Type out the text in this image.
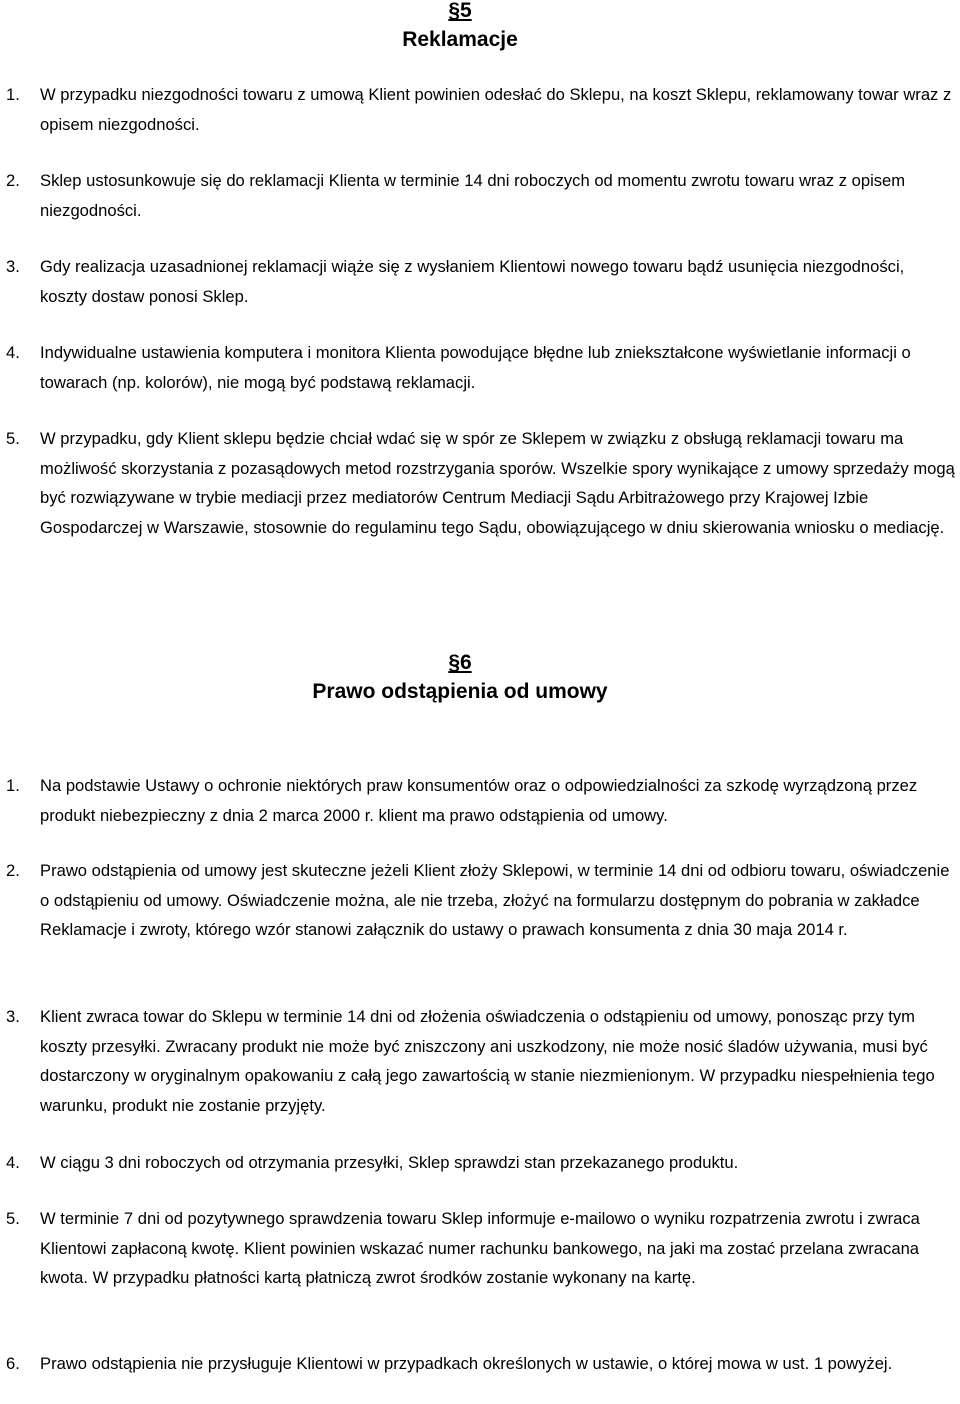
§5
Reklamacje
1. W przypadku niezgodności towaru z umową Klient powinien odesłać do Sklepu, na koszt Sklepu, reklamowany towar wraz z opisem niezgodności.
2. Sklep ustosunkowuje się do reklamacji Klienta w terminie 14 dni roboczych od momentu zwrotu towaru wraz z opisem niezgodności.
3. Gdy realizacja uzasadnionej reklamacji wiąże się z wysłaniem Klientowi nowego towaru bądź usunięcia niezgodności, koszty dostaw ponosi Sklep.
4. Indywidualne ustawienia komputera i monitora Klienta powodujące błędne lub zniekształcone wyświetlanie informacji o towarach (np. kolorów), nie mogą być podstawą reklamacji.
5. W przypadku, gdy Klient sklepu będzie chciał wdać się w spór ze Sklepem w związku z obsługą reklamacji towaru ma możliwość skorzystania z pozasądowych metod rozstrzygania sporów. Wszelkie spory wynikające z umowy sprzedaży mogą być rozwiązywane w trybie mediacji przez mediatorów Centrum Mediacji Sądu Arbitrażowego przy Krajowej Izbie Gospodarczej w Warszawie, stosownie do regulaminu tego Sądu, obowiązującego w dniu skierowania wniosku o mediację.
§6
Prawo odstąpienia od umowy
1. Na podstawie Ustawy o ochronie niektórych praw konsumentów oraz o odpowiedzialności za szkodę wyrządzoną przez produkt niebezpieczny z dnia 2 marca 2000 r. klient ma prawo odstąpienia od umowy.
2. Prawo odstąpienia od umowy jest skuteczne jeżeli Klient złoży Sklepowi, w terminie 14 dni od odbioru towaru, oświadczenie o odstąpieniu od umowy. Oświadczenie można, ale nie trzeba, złożyć na formularzu dostępnym do pobrania w zakładce Reklamacje i zwroty, którego wzór stanowi załącznik do ustawy o prawach konsumenta z dnia 30 maja 2014 r.
3. Klient zwraca towar do Sklepu w terminie 14 dni od złożenia oświadczenia o odstąpieniu od umowy, ponosząc przy tym koszty przesyłki. Zwracany produkt nie może być zniszczony ani uszkodzony, nie może nosić śladów używania, musi być dostarczony w oryginalnym opakowaniu z całą jego zawartością w stanie niezmienionym. W przypadku niespełnienia tego warunku, produkt nie zostanie przyjęty.
4. W ciągu 3 dni roboczych od otrzymania przesyłki, Sklep sprawdzi stan przekazanego produktu.
5. W terminie 7 dni od pozytywnego sprawdzenia towaru Sklep informuje e-mailowo o wyniku rozpatrzenia zwrotu i zwraca Klientowi zapłaconą kwotę. Klient powinien wskazać numer rachunku bankowego, na jaki ma zostać przelana zwracana kwota. W przypadku płatności kartą płatniczą zwrot środków zostanie wykonany na kartę.
6. Prawo odstąpienia nie przysługuje Klientowi w przypadkach określonych w ustawie, o której mowa w ust. 1 powyżej.
